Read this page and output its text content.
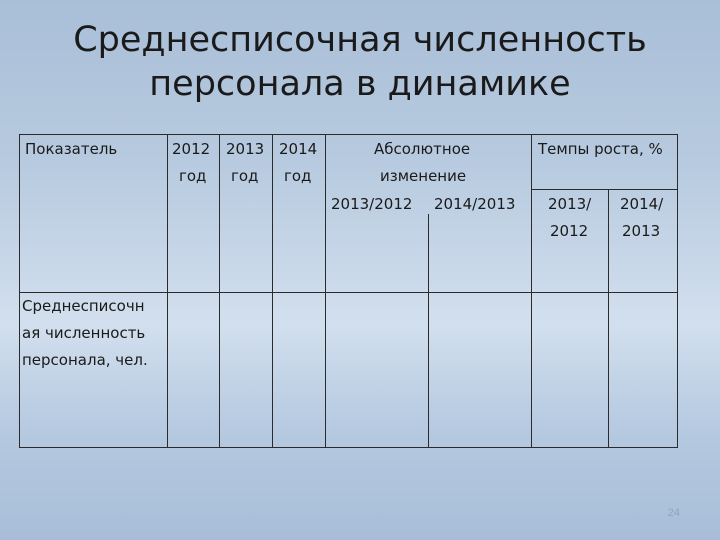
Среднесписочная численность
персонала в динамике
Показатель	2012
год
2013
год
2014
год
Абсолютное
изменение
2013/2012 2014/2013
Темпы роста, %
2013/
2012
2014/
2013
Среднесписочн
ая численность
персонала, чел.
24
